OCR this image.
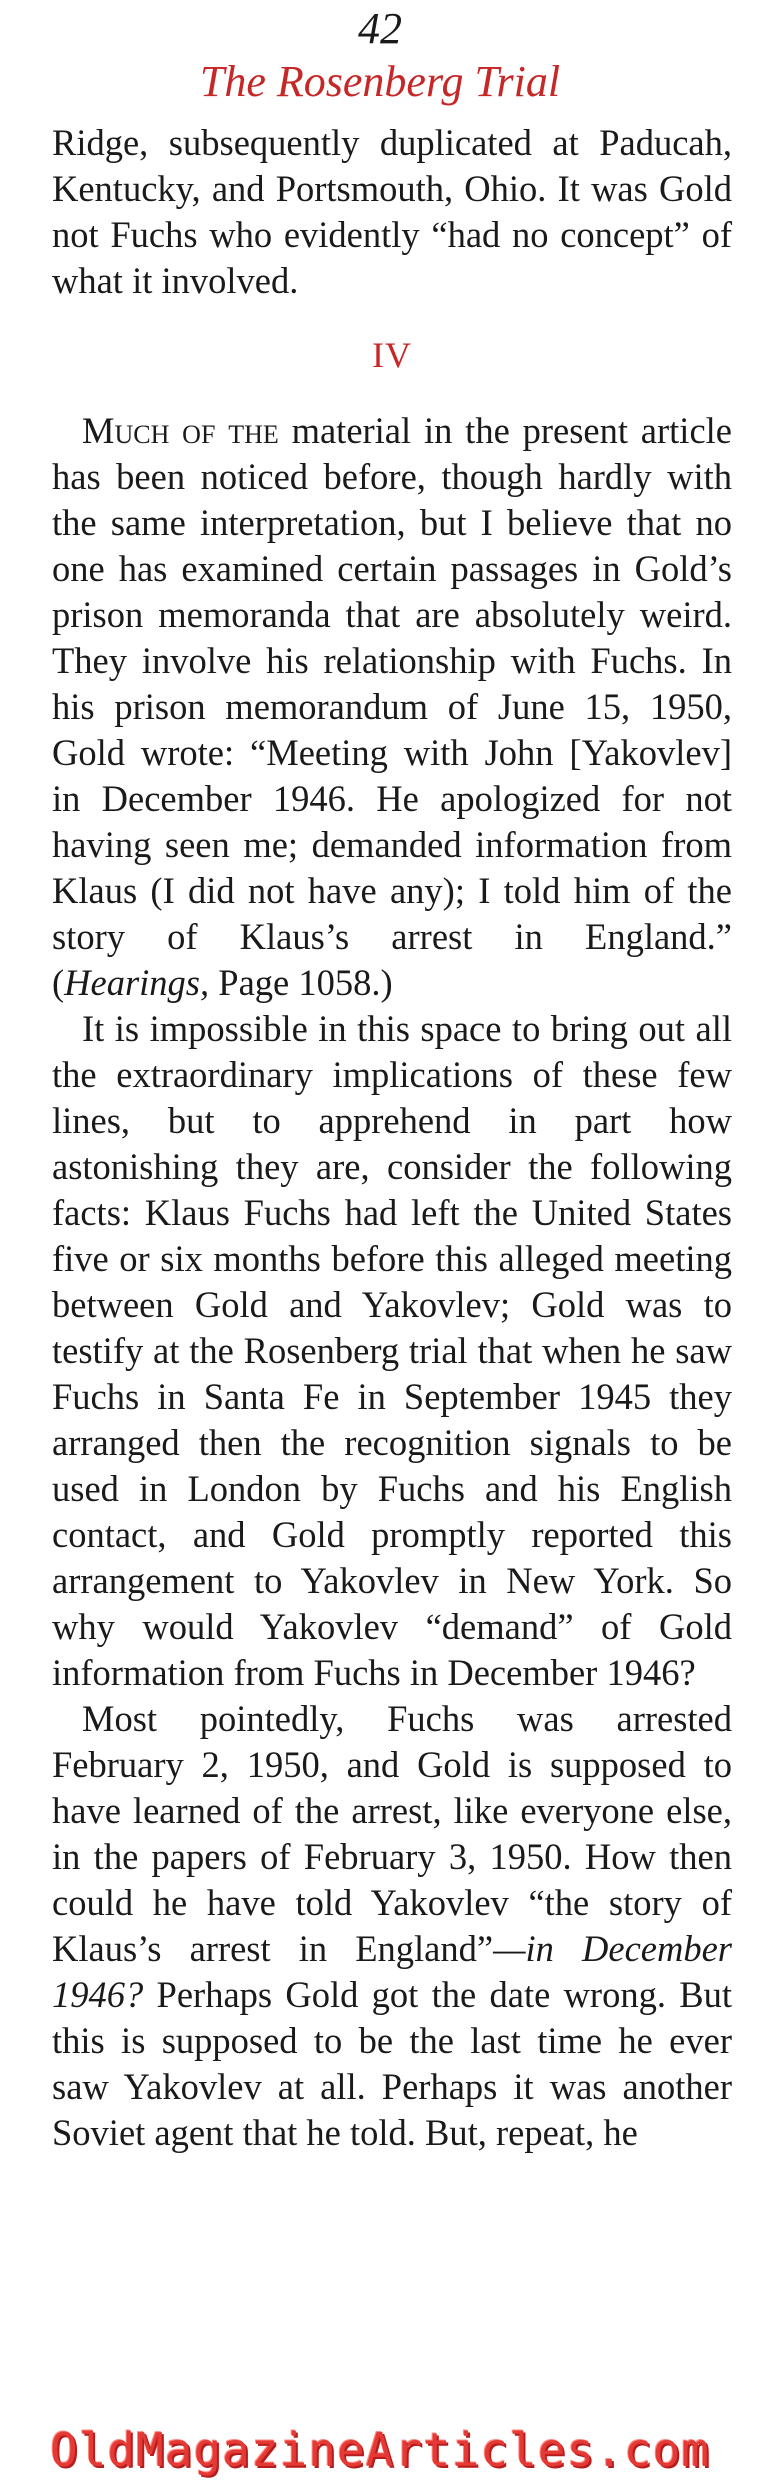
42
The Rosenberg Trial

Ridge, subsequently duplicated at Paducah, Kentucky, and Portsmouth, Ohio. It was Gold not Fuchs who evidently “had no concept” of what it involved.

IV

Much of the material in the present article has been noticed before, though hardly with the same interpretation, but I believe that no one has examined certain passages in Gold’s prison memoranda that are absolutely weird. They involve his relationship with Fuchs. In his prison memorandum of June 15, 1950, Gold wrote: “Meeting with John [Yakovlev] in December 1946. He apologized for not having seen me; demanded information from Klaus (I did not have any); I told him of the story of Klaus’s arrest in England.” (Hearings, Page 1058.)

It is impossible in this space to bring out all the extraordinary implications of these few lines, but to apprehend in part how astonishing they are, consider the following facts: Klaus Fuchs had left the United States five or six months before this alleged meeting between Gold and Yakovlev; Gold was to testify at the Rosenberg trial that when he saw Fuchs in Santa Fe in September 1945 they arranged then the recognition signals to be used in London by Fuchs and his English contact, and Gold promptly reported this arrangement to Yakovlev in New York. So why would Yakovlev “demand” of Gold information from Fuchs in December 1946?

Most pointedly, Fuchs was arrested February 2, 1950, and Gold is supposed to have learned of the arrest, like everyone else, in the papers of February 3, 1950. How then could he have told Yakovlev “the story of Klaus’s arrest in England”—in December 1946? Perhaps Gold got the date wrong. But this is supposed to be the last time he ever saw Yakovlev at all. Perhaps it was another Soviet agent that he told. But, repeat, he

OldMagazineArticles.com
